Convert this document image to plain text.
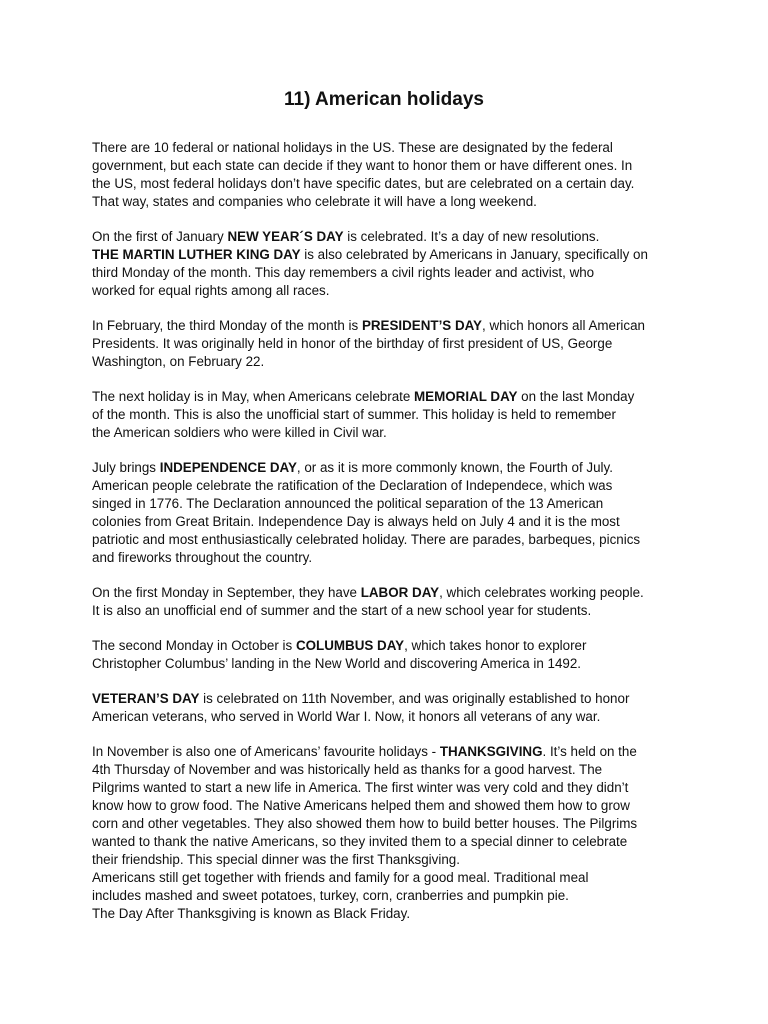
11) American holidays

There are 10 federal or national holidays in the US. These are designated by the federal
government, but each state can decide if they want to honor them or have different ones. In
the US, most federal holidays don’t have specific dates, but are celebrated on a certain day.
That way, states and companies who celebrate it will have a long weekend.

On the first of January NEW YEAR´S DAY is celebrated. It’s a day of new resolutions.
THE MARTIN LUTHER KING DAY is also celebrated by Americans in January, specifically on
third Monday of the month. This day remembers a civil rights leader and activist, who
worked for equal rights among all races.

In February, the third Monday of the month is PRESIDENT’S DAY, which honors all American
Presidents. It was originally held in honor of the birthday of first president of US, George
Washington, on February 22.

The next holiday is in May, when Americans celebrate MEMORIAL DAY on the last Monday
of the month. This is also the unofficial start of summer. This holiday is held to remember
the American soldiers who were killed in Civil war.

July brings INDEPENDENCE DAY, or as it is more commonly known, the Fourth of July.
American people celebrate the ratification of the Declaration of Independece, which was
singed in 1776. The Declaration announced the political separation of the 13 American
colonies from Great Britain. Independence Day is always held on July 4 and it is the most
patriotic and most enthusiastically celebrated holiday. There are parades, barbeques, picnics
and fireworks throughout the country.

On the first Monday in September, they have LABOR DAY, which celebrates working people.
It is also an unofficial end of summer and the start of a new school year for students.

The second Monday in October is COLUMBUS DAY, which takes honor to explorer
Christopher Columbus’ landing in the New World and discovering America in 1492.

VETERAN’S DAY is celebrated on 11th November, and was originally established to honor
American veterans, who served in World War I. Now, it honors all veterans of any war.

In November is also one of Americans’ favourite holidays - THANKSGIVING. It’s held on the
4th Thursday of November and was historically held as thanks for a good harvest. The
Pilgrims wanted to start a new life in America. The first winter was very cold and they didn’t
know how to grow food. The Native Americans helped them and showed them how to grow
corn and other vegetables. They also showed them how to build better houses. The Pilgrims
wanted to thank the native Americans, so they invited them to a special dinner to celebrate
their friendship. This special dinner was the first Thanksgiving.
Americans still get together with friends and family for a good meal. Traditional meal
includes mashed and sweet potatoes, turkey, corn, cranberries and pumpkin pie.
The Day After Thanksgiving is known as Black Friday.
